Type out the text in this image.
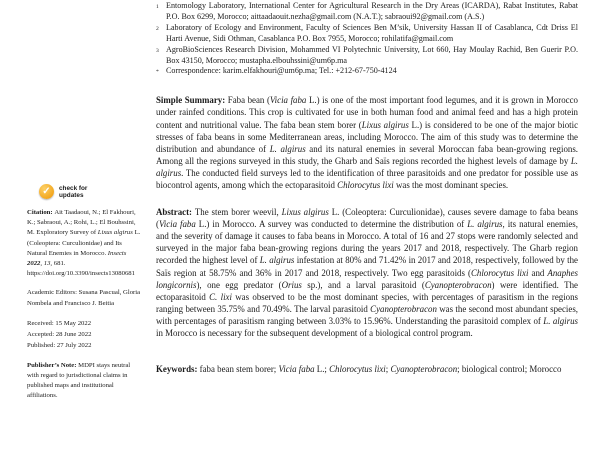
✓ check for
updates
Citation: Ait Taadaoui, N.; El Fakhouri, K.; Sabraoui, A.; Rohi, L.; El Bouhssini, M. Exploratory Survey of Lixus algirus L. (Coleoptera: Curculionidae) and Its Natural Enemies in Morocco. Insects 2022, 13, 681. https://doi.org/10.3390/insects13080681
Academic Editors: Susana Pascual, Gloria Nombela and Francisco J. Beitia
Received: 15 May 2022
Accepted: 28 June 2022
Published: 27 July 2022
Publisher’s Note: MDPI stays neutral with regard to jurisdictional claims in published maps and institutional affiliations.
1 Entomology Laboratory, International Center for Agricultural Research in the Dry Areas (ICARDA), Rabat Institutes, Rabat P.O. Box 6299, Morocco; aittaadaouit.nezha@gmail.com (N.A.T.); sabraoui92@gmail.com (A.S.)
2 Laboratory of Ecology and Environment, Faculty of Sciences Ben M’sik, University Hassan II of Casablanca, Cdt Driss El Harti Avenue, Sidi Othman, Casablanca P.O. Box 7955, Morocco; rohilatifa@gmail.com
3 AgroBioSciences Research Division, Mohammed VI Polytechnic University, Lot 660, Hay Moulay Rachid, Ben Guerir P.O. Box 43150, Morocco; mustapha.elbouhssini@um6p.ma
* Correspondence: karim.elfakhouri@um6p.ma; Tel.: +212-67-750-4124

Simple Summary: Faba bean (Vicia faba L.) is one of the most important food legumes, and it is grown in Morocco under rainfed conditions. This crop is cultivated for use in both human food and animal feed and has a high protein content and nutritional value. The faba bean stem borer (Lixus algirus L.) is considered to be one of the major biotic stresses of faba beans in some Mediterranean areas, including Morocco. The aim of this study was to determine the distribution and abundance of L. algirus and its natural enemies in several Moroccan faba bean-growing regions. Among all the regions surveyed in this study, the Gharb and Saïs regions recorded the highest levels of damage by L. algirus. The conducted field surveys led to the identification of three parasitoids and one predator for possible use as biocontrol agents, among which the ectoparasitoid Chlorocytus lixi was the most dominant species.

Abstract: The stem borer weevil, Lixus algirus L. (Coleoptera: Curculionidae), causes severe damage to faba beans (Vicia faba L.) in Morocco. A survey was conducted to determine the distribution of L. algirus, its natural enemies, and the severity of damage it causes to faba beans in Morocco. A total of 16 and 27 stops were randomly selected and surveyed in the major faba bean-growing regions during the years 2017 and 2018, respectively. The Gharb region recorded the highest level of L. algirus infestation at 80% and 71.42% in 2017 and 2018, respectively, followed by the Saïs region at 58.75% and 36% in 2017 and 2018, respectively. Two egg parasitoids (Chlorocytus lixi and Anaphes longicornis), one egg predator (Orius sp.), and a larval parasitoid (Cyanopterobracon) were identified. The ectoparasitoid C. lixi was observed to be the most dominant species, with percentages of parasitism in the regions ranging between 35.75% and 70.49%. The larval parasitoid Cyanopterobracon was the second most abundant species, with percentages of parasitism ranging between 3.03% to 15.96%. Understanding the parasitoid complex of L. algirus in Morocco is necessary for the subsequent development of a biological control program.

Keywords: faba bean stem borer; Vicia faba L.; Chlorocytus lixi; Cyanopterobracon; biological control; Morocco
